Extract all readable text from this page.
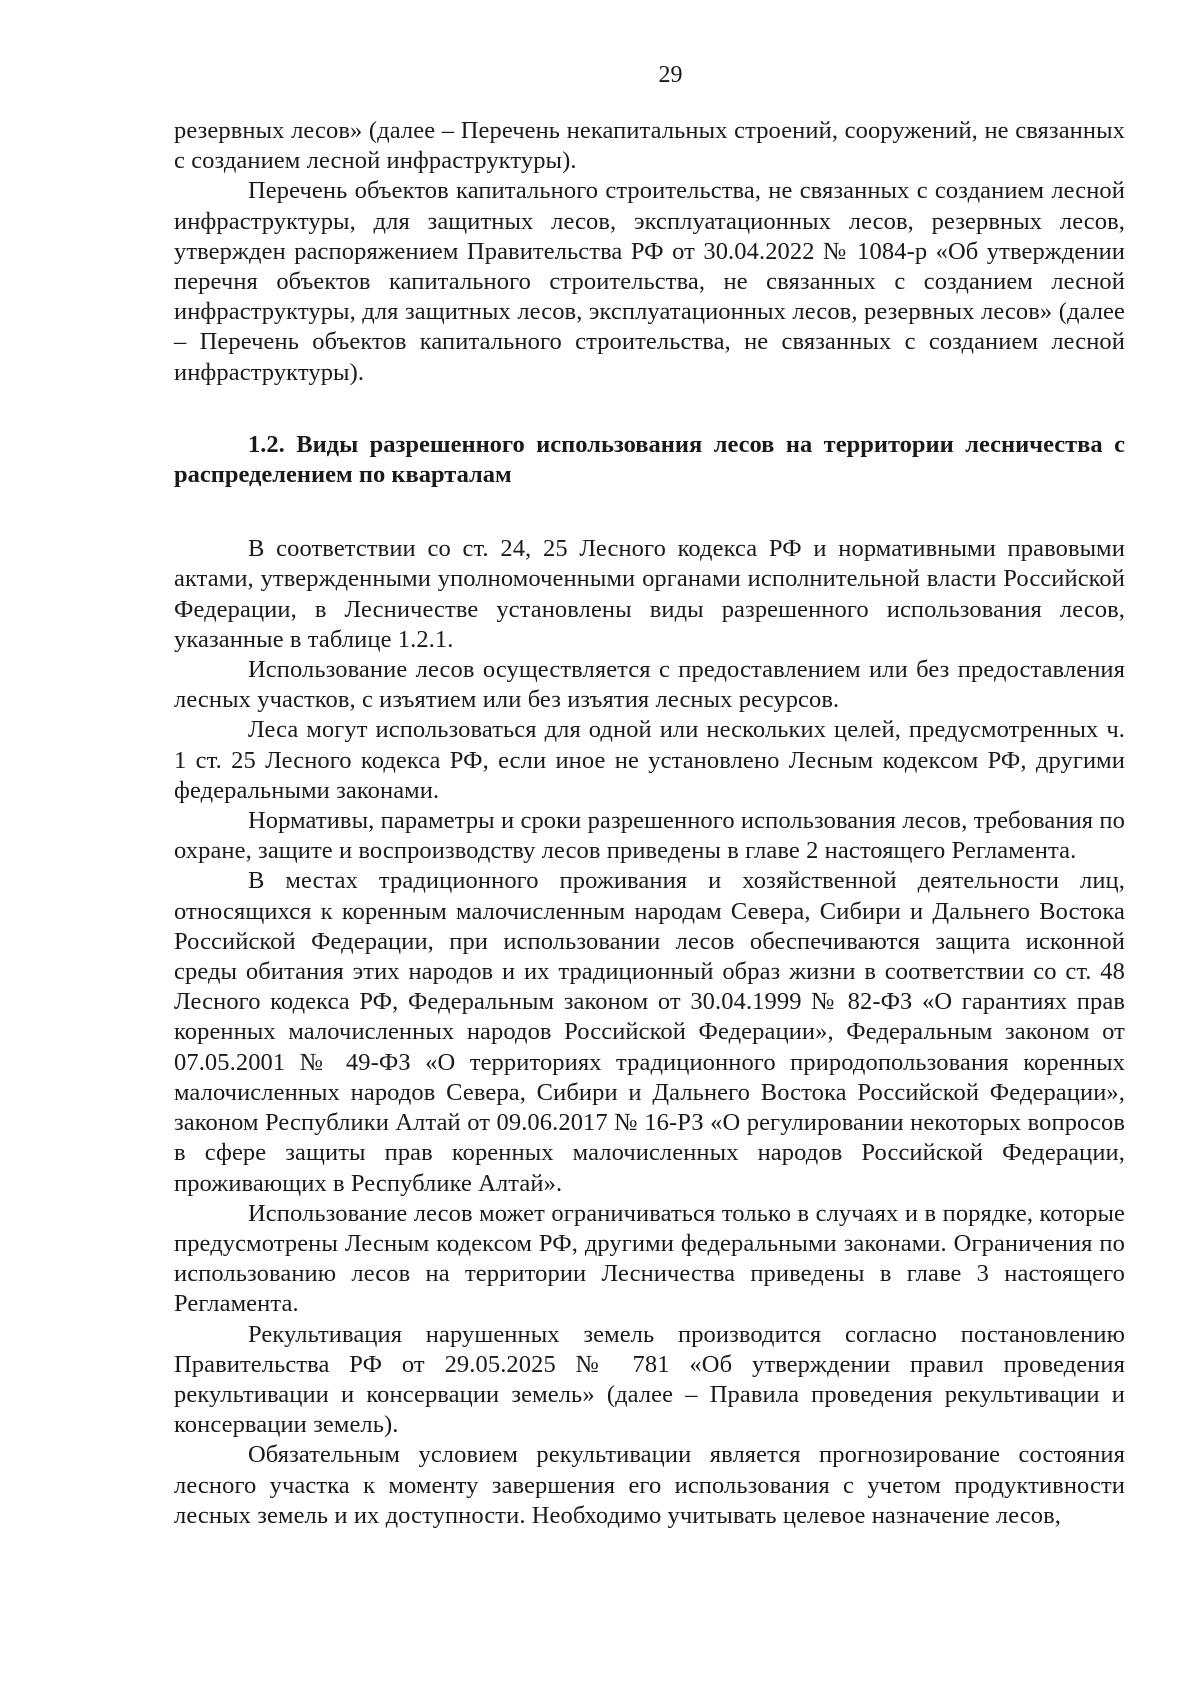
29

резервных лесов» (далее – Перечень некапитальных строений, сооружений, не связанных с созданием лесной инфраструктуры).

Перечень объектов капитального строительства, не связанных с созданием лесной инфраструктуры, для защитных лесов, эксплуатационных лесов, резервных лесов, утвержден распоряжением Правительства РФ от 30.04.2022 № 1084-р «Об утверждении перечня объектов капитального строительства, не связанных с созданием лесной инфраструктуры, для защитных лесов, эксплуатационных лесов, резервных лесов» (далее – Перечень объектов капитального строительства, не связанных с созданием лесной инфраструктуры).

1.2. Виды разрешенного использования лесов на территории лесничества с распределением по кварталам

В соответствии со ст. 24, 25 Лесного кодекса РФ и нормативными правовыми актами, утвержденными уполномоченными органами исполнительной власти Российской Федерации, в Лесничестве установлены виды разрешенного использования лесов, указанные в таблице 1.2.1.

Использование лесов осуществляется с предоставлением или без предоставления лесных участков, с изъятием или без изъятия лесных ресурсов.

Леса могут использоваться для одной или нескольких целей, предусмотренных ч. 1 ст. 25 Лесного кодекса РФ, если иное не установлено Лесным кодексом РФ, другими федеральными законами.

Нормативы, параметры и сроки разрешенного использования лесов, требования по охране, защите и воспроизводству лесов приведены в главе 2 настоящего Регламента.

В местах традиционного проживания и хозяйственной деятельности лиц, относящихся к коренным малочисленным народам Севера, Сибири и Дальнего Востока Российской Федерации, при использовании лесов обеспечиваются защита исконной среды обитания этих народов и их традиционный образ жизни в соответствии со ст. 48 Лесного кодекса РФ, Федеральным законом от 30.04.1999 № 82-ФЗ «О гарантиях прав коренных малочисленных народов Российской Федерации», Федеральным законом от 07.05.2001 № 49-ФЗ «О территориях традиционного природопользования коренных малочисленных народов Севера, Сибири и Дальнего Востока Российской Федерации», законом Республики Алтай от 09.06.2017 № 16-РЗ «О регулировании некоторых вопросов в сфере защиты прав коренных малочисленных народов Российской Федерации, проживающих в Республике Алтай».

Использование лесов может ограничиваться только в случаях и в порядке, которые предусмотрены Лесным кодексом РФ, другими федеральными законами. Ограничения по использованию лесов на территории Лесничества приведены в главе 3 настоящего Регламента.

Рекультивация нарушенных земель производится согласно постановлению Правительства РФ от 29.05.2025 № 781 «Об утверждении правил проведения рекультивации и консервации земель» (далее – Правила проведения рекультивации и консервации земель).

Обязательным условием рекультивации является прогнозирование состояния лесного участка к моменту завершения его использования с учетом продуктивности лесных земель и их доступности. Необходимо учитывать целевое назначение лесов,
